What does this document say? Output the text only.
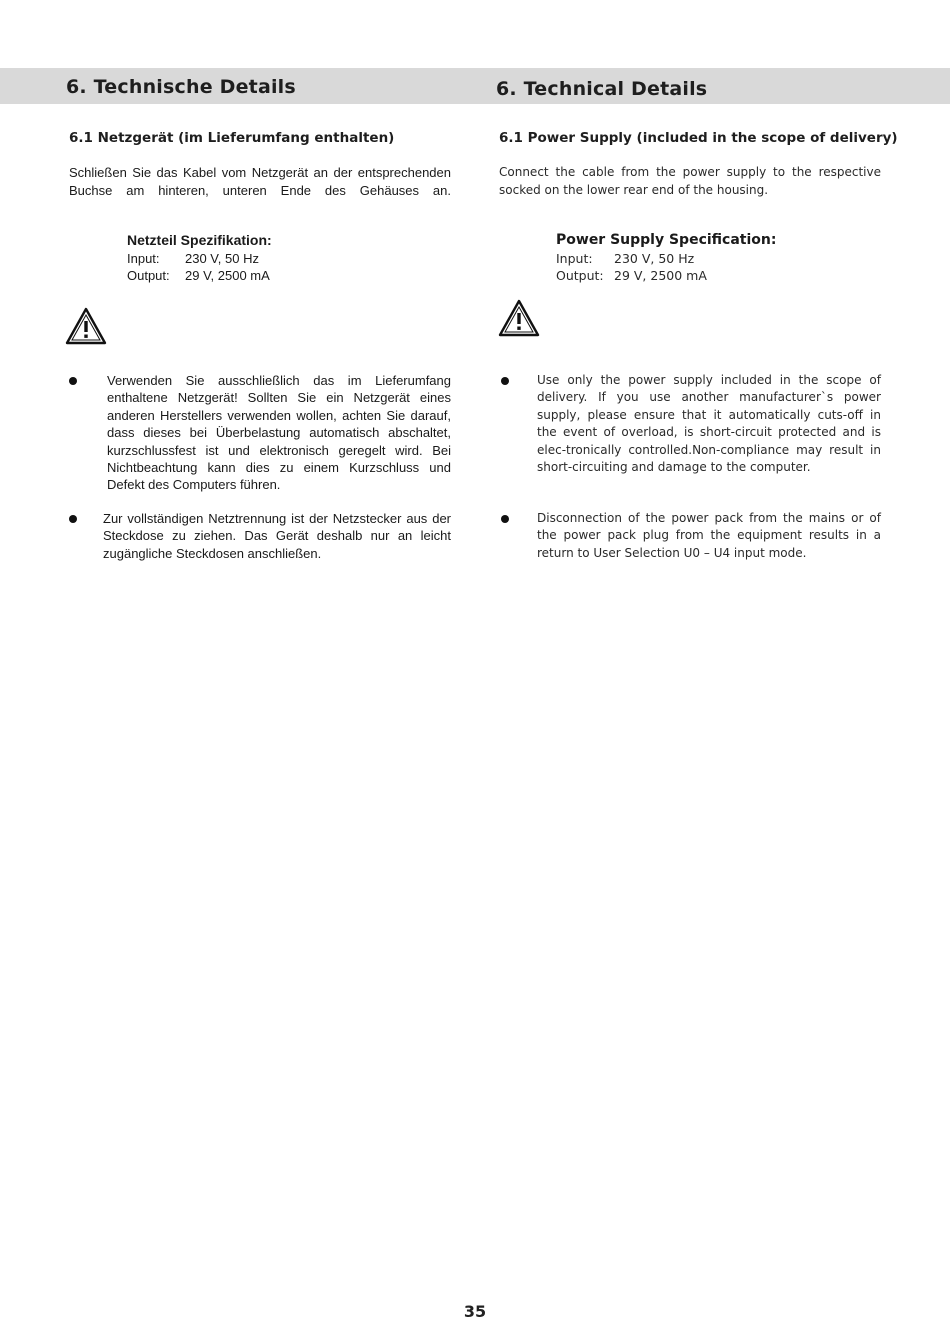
6. Technische Details	6. Technical Details
6.1 Netzgerät (im Lieferumfang enthalten)	6.1 Power Supply (included in the scope of delivery)
Schließen Sie das Kabel vom Netzgerät an der entsprechenden Buchse am hinteren, unteren Ende des Gehäuses an.
Connect the cable from the power supply to the respective socked on the lower rear end of the housing.
Netzteil Spezifikation:
Input:	230 V, 50 Hz
Output:	29 V, 2500 mA
Power Supply Specification:
Input:	230 V, 50 Hz
Output: 29 V, 2500 mA
Verwenden Sie ausschließlich das im Lieferumfang enthaltene Netzgerät! Sollten Sie ein Netzgerät eines anderen Herstellers verwenden wollen, achten Sie darauf, dass dieses bei Überbelastung automatisch abschaltet, kurzschlussfest ist und elektronisch geregelt wird. Bei Nichtbeachtung kann dies zu einem Kurzschluss und Defekt des Computers führen.
Zur vollständigen Netztrennung ist der Netzstecker aus der Steckdose zu ziehen. Das Gerät deshalb nur an leicht zugängliche Steckdosen anschließen.
Use only the power supply included in the scope of delivery. If you use another manufacturer`s power supply, please ensure that it automatically cuts-off in the event of overload, is short-circuit protected and is elec-tronically controlled.Non-compliance may result in short-circuiting and damage to the computer.
Disconnection of the power pack from the mains or of the power pack plug from the equipment results in a return to User Selection U0 – U4 input mode.
35
